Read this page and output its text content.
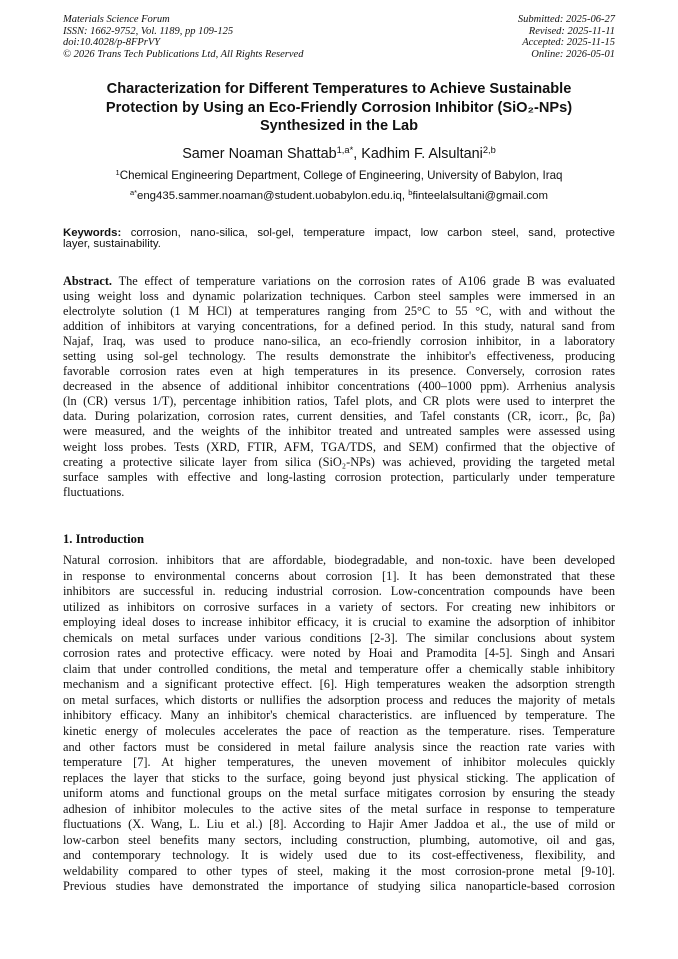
Materials Science Forum
ISSN: 1662-9752, Vol. 1189, pp 109-125
doi:10.4028/p-8FPrVY
© 2026 Trans Tech Publications Ltd, All Rights Reserved
Submitted: 2025-06-27
Revised: 2025-11-11
Accepted: 2025-11-15
Online: 2026-05-01
Characterization for Different Temperatures to Achieve Sustainable
Protection by Using an Eco-Friendly Corrosion Inhibitor (SiO₂-NPs)
Synthesized in the Lab
Samer Noaman Shattab$^{1,a*}$, Kadhim F. Alsultani$^{2,b}$
$^1$Chemical Engineering Department, College of Engineering, University of Babylon, Iraq
$^{a*}$eng435.sammer.noaman@student.uobabylon.edu.iq, $^b$finteelalsultani@gmail.com
Keywords: corrosion, nano-silica, sol-gel, temperature impact, low carbon steel, sand, protective
layer, sustainability.
Abstract. The effect of temperature variations on the corrosion rates of A106 grade B was evaluated
using weight loss and dynamic polarization techniques. Carbon steel samples were immersed in an
electrolyte solution (1 M HCl) at temperatures ranging from 25°C to 55 °C, with and without the
addition of inhibitors at varying concentrations, for a defined period. In this study, natural sand from
Najaf, Iraq, was used to produce nano-silica, an eco-friendly corrosion inhibitor, in a laboratory
setting using sol-gel technology. The results demonstrate the inhibitor's effectiveness, producing
favorable corrosion rates even at high temperatures in its presence. Conversely, corrosion rates
decreased in the absence of additional inhibitor concentrations (400–1000 ppm). Arrhenius analysis
(ln (CR) versus 1/T), percentage inhibition ratios, Tafel plots, and CR plots were used to interpret the
data. During polarization, corrosion rates, current densities, and Tafel constants (CR, icorr., βc, βa)
were measured, and the weights of the inhibitor treated and untreated samples were assessed using
weight loss probes. Tests (XRD, FTIR, AFM, TGA/TDS, and SEM) confirmed that the objective of
creating a protective silicate layer from silica (SiO₂-NPs) was achieved, providing the targeted metal
surface samples with effective and long-lasting corrosion protection, particularly under temperature
fluctuations.
1. Introduction
Natural corrosion. inhibitors that are affordable, biodegradable, and non-toxic. have been developed
in response to environmental concerns about corrosion [1]. It has been demonstrated that these
inhibitors are successful in. reducing industrial corrosion. Low-concentration compounds have been
utilized as inhibitors on corrosive surfaces in a variety of sectors. For creating new inhibitors or
employing ideal doses to increase inhibitor efficacy, it is crucial to examine the adsorption of inhibitor
chemicals on metal surfaces under various conditions [2-3]. The similar conclusions about system
corrosion rates and protective efficacy. were noted by Hoai and Pramodita [4-5]. Singh and Ansari
claim that under controlled conditions, the metal and temperature offer a chemically stable inhibitory
mechanism and a significant protective effect. [6]. High temperatures weaken the adsorption strength
on metal surfaces, which distorts or nullifies the adsorption process and reduces the majority of metals
inhibitory efficacy. Many an inhibitor's chemical characteristics. are influenced by temperature. The
kinetic energy of molecules accelerates the pace of reaction as the temperature. rises. Temperature
and other factors must be considered in metal failure analysis since the reaction rate varies with
temperature [7]. At higher temperatures, the uneven movement of inhibitor molecules quickly
replaces the layer that sticks to the surface, going beyond just physical sticking. The application of
uniform atoms and functional groups on the metal surface mitigates corrosion by ensuring the steady
adhesion of inhibitor molecules to the active sites of the metal surface in response to temperature
fluctuations (X. Wang, L. Liu et al.) [8]. According to Hajir Amer Jaddoa et al., the use of mild or
low-carbon steel benefits many sectors, including construction, plumbing, automotive, oil and gas,
and contemporary technology. It is widely used due to its cost-effectiveness, flexibility, and
weldability compared to other types of steel, making it the most corrosion-prone metal [9-10].
Previous studies have demonstrated the importance of studying silica nanoparticle-based corrosion
